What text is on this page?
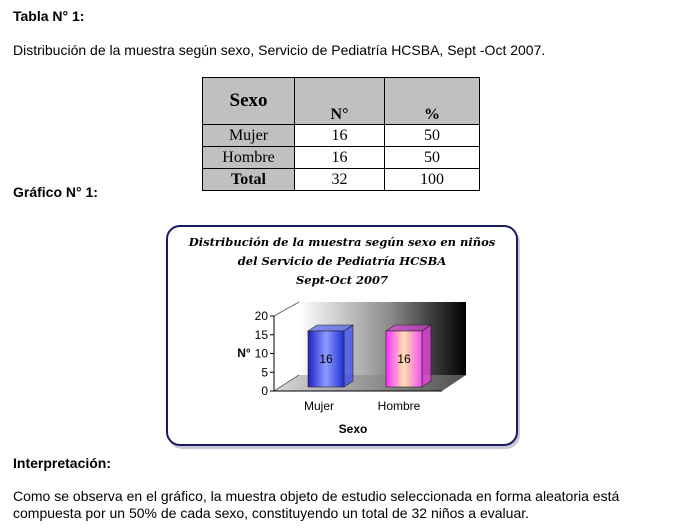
Tabla N° 1:
Distribución de la muestra según sexo, Servicio de Pediatría HCSBA, Sept -Oct 2007.
Sexo	N°	%
Mujer	16	50
Hombre	16	50
Total	32	100
Gráfico N° 1:
Distribución de la muestra según sexo en niños
del Servicio de Pediatría HCSBA
Sept-Oct 2007
0
5
10
15
20
16	16
Mujer	Hombre
N°
Sexo
Interpretación:
Como se observa en el gráfico, la muestra objeto de estudio seleccionada en forma aleatoria está
compuesta por un 50% de cada sexo, constituyendo un total de 32 niños a evaluar.
